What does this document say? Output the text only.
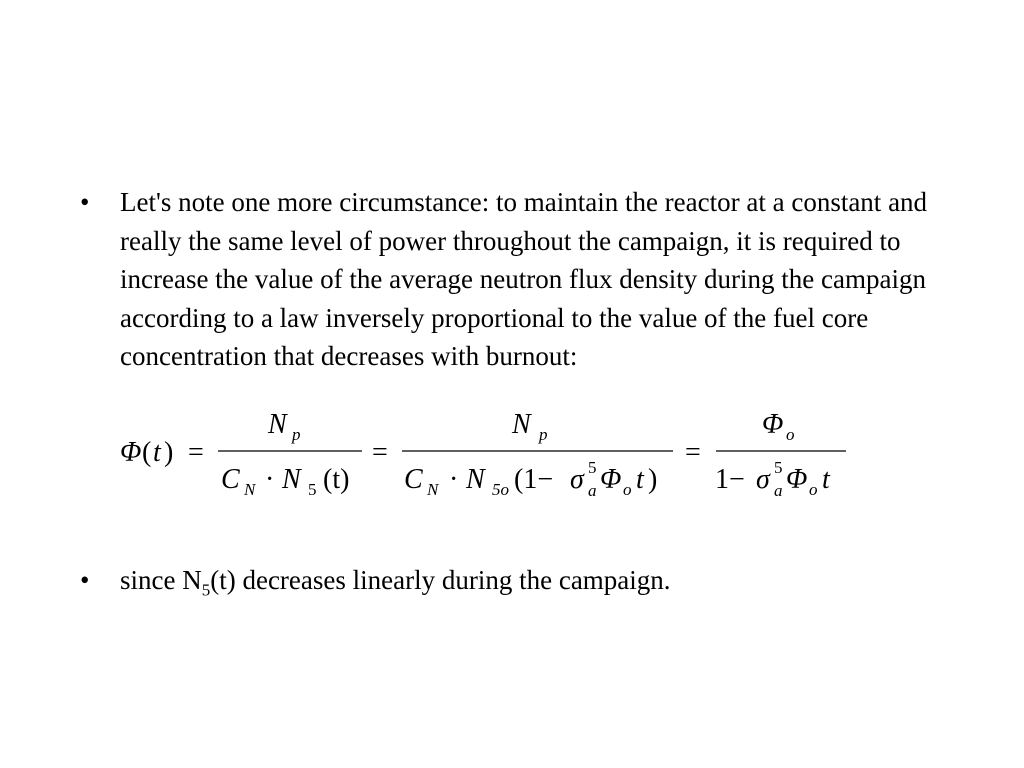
•	Let's note one more circumstance: to maintain the reactor at a constant and really the same level of power throughout the campaign, it is required to increase the value of the average neutron flux density during the campaign according to a law inversely proportional to the value of the fuel core concentration that decreases with burnout:
Φ ( t ) =
N p
C N · N 5 (t)
=
N p
C N · N 5o (1− σ 5
a Φ o t )
=
Φ o
1− σ 5
a Φ o t
•	since $N_5(t)$ decreases linearly during the campaign.
